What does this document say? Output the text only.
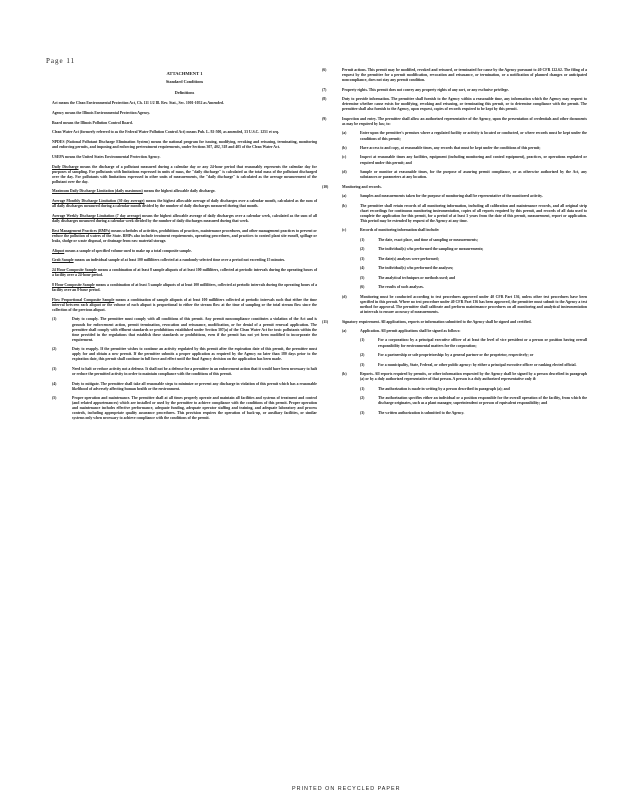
Page 11
ATTACHMENT 1
Standard Conditions
Definitions
Act means the Clean Environmental Protection Act, Ch. 111 1/2 Ill. Rev. Stat., Sec. 1001-1052 as Amended.
Agency means the Illinois Environmental Protection Agency.
Board means the Illinois Pollution Control Board.
Clean Water Act (formerly referred to as the Federal Water Pollution Control Act) means Pub. L. 92-500, as amended, 33 U.S.C. 1251 et seq.
NPDES (National Pollutant Discharge Elimination System) means the national program for issuing, modifying, revoking and reissuing, terminating, monitoring and enforcing permits, and imposing and enforcing pretreatment requirements, under Sections 307, 402, 318 and 405 of the Clean Water Act.
USEPA means the United States Environmental Protection Agency.
Daily Discharge means the discharge of a pollutant measured during a calendar day or any 24-hour period that reasonably represents the calendar day for purposes of sampling. For pollutants with limitations expressed in units of mass, the "daily discharge" is calculated as the total mass of the pollutant discharged over the day. For pollutants with limitations expressed in other units of measurements, the "daily discharge" is calculated as the average measurement of the pollutant over the day.
Maximum Daily Discharge Limitation (daily maximum) means the highest allowable daily discharge.
Average Monthly Discharge Limitation (30 day average) means the highest allowable average of daily discharges over a calendar month, calculated as the sum of all daily discharges measured during a calendar month divided by the number of daily discharges measured during that month.
Average Weekly Discharge Limitation (7 day average) means the highest allowable average of daily discharges over a calendar week, calculated as the sum of all daily discharges measured during a calendar week divided by the number of daily discharges measured during that week.
Best Management Practices (BMPs) means schedules of activities, prohibitions of practices, maintenance procedures, and other management practices to prevent or reduce the pollution of waters of the State. BMPs also include treatment requirements, operating procedures, and practices to control plant site runoff, spillage or leaks, sludge or waste disposal, or drainage from raw material storage.
Aliquot means a sample of specified volume used to make up a total composite sample.
Grab Sample means an individual sample of at least 100 milliliters collected at a randomly-selected time over a period not exceeding 15 minutes.
24 Hour Composite Sample means a combination of at least 8 sample aliquots of at least 100 milliliters, collected at periodic intervals during the operating hours of a facility over a 24-hour period.
8 Hour Composite Sample means a combination of at least 3 sample aliquots of at least 100 milliliters, collected at periodic intervals during the operating hours of a facility over an 8-hour period.
Flow Proportional Composite Sample means a combination of sample aliquots of at least 100 milliliters collected at periodic intervals such that either the time interval between each aliquot or the volume of each aliquot is proportional to either the stream flow at the time of sampling or the total stream flow since the collection of the previous aliquot.
(1)	Duty to comply. The permittee must comply with all conditions of this permit. Any permit noncompliance constitutes a violation of the Act and is grounds for enforcement action, permit termination, revocation and reissuance, modification, or for denial of a permit renewal application. The permittee shall comply with effluent standards or prohibitions established under Section 307(a) of the Clean Water Act for toxic pollutants within the time provided in the regulations that establish these standards or prohibitions, even if the permit has not yet been modified to incorporate the requirement.
(2)	Duty to reapply. If the permittee wishes to continue an activity regulated by this permit after the expiration date of this permit, the permittee must apply for and obtain a new permit. If the permittee submits a proper application as required by the Agency no later than 180 days prior to the expiration date, this permit shall continue in full force and effect until the final Agency decision on the application has been made.
(3)	Need to halt or reduce activity not a defense. It shall not be a defense for a permittee in an enforcement action that it would have been necessary to halt or reduce the permitted activity in order to maintain compliance with the conditions of this permit.
(4)	Duty to mitigate. The permittee shall take all reasonable steps to minimize or prevent any discharge in violation of this permit which has a reasonable likelihood of adversely affecting human health or the environment.
(5)	Proper operation and maintenance. The permittee shall at all times properly operate and maintain all facilities and systems of treatment and control (and related appurtenances) which are installed or used by the permittee to achieve compliance with the conditions of this permit. Proper operation and maintenance includes effective performance, adequate funding, adequate operator staffing and training, and adequate laboratory and process controls, including appropriate quality assurance procedures. This provision requires the operation of back-up, or auxiliary facilities, or similar systems only when necessary to achieve compliance with the conditions of the permit.
(6)	Permit actions. This permit may be modified, revoked and reissued, or terminated for cause by the Agency pursuant to 40 CFR 122.62. The filing of a request by the permittee for a permit modification, revocation and reissuance, or termination, or a notification of planned changes or anticipated noncompliance, does not stay any permit condition.
(7)	Property rights. This permit does not convey any property rights of any sort, or any exclusive privilege.
(8)	Duty to provide information. The permittee shall furnish to the Agency within a reasonable time, any information which the Agency may request to determine whether cause exists for modifying, revoking and reissuing, or terminating this permit, or to determine compliance with the permit. The permittee shall also furnish to the Agency, upon request, copies of records required to be kept by this permit.
(9)	Inspection and entry. The permittee shall allow an authorized representative of the Agency, upon the presentation of credentials and other documents as may be required by law, to:
(a)	Enter upon the permittee's premises where a regulated facility or activity is located or conducted, or where records must be kept under the conditions of this permit;
(b)	Have access to and copy, at reasonable times, any records that must be kept under the conditions of this permit;
(c)	Inspect at reasonable times any facilities, equipment (including monitoring and control equipment), practices, or operations regulated or required under this permit; and
(d)	Sample or monitor at reasonable times, for the purpose of assuring permit compliance, or as otherwise authorized by the Act, any substances or parameters at any location.
(10)	Monitoring and records.
(a)	Samples and measurements taken for the purpose of monitoring shall be representative of the monitored activity.
(b)	The permittee shall retain records of all monitoring information, including all calibration and maintenance records, and all original strip chart recordings for continuous monitoring instrumentation, copies of all reports required by this permit, and records of all data used to complete the application for this permit, for a period of at least 3 years from the date of this permit, measurement, report or application. This period may be extended by request of the Agency at any time.
(c)	Records of monitoring information shall include:
(1)	The date, exact place, and time of sampling or measurements;
(2)	The individual(s) who performed the sampling or measurements;
(3)	The date(s) analyses were performed;
(4)	The individual(s) who performed the analyses;
(5)	The analytical techniques or methods used; and
(6)	The results of such analyses.
(d)	Monitoring must be conducted according to test procedures approved under 40 CFR Part 136, unless other test procedures have been specified in this permit. Where no test procedure under 40 CFR Part 136 has been approved, the permittee must submit to the Agency a test method for approval. The permittee shall calibrate and perform maintenance procedures on all monitoring and analytical instrumentation at intervals to ensure accuracy of measurements.
(11)	Signatory requirement. All applications, reports or information submitted to the Agency shall be signed and certified.
(a)	Application. All permit applications shall be signed as follows:
(1)	For a corporation: by a principal executive officer of at least the level of vice president or a person or position having overall responsibility for environmental matters for the corporation;
(2)	For a partnership or sole proprietorship: by a general partner or the proprietor, respectively; or
(3)	For a municipality, State, Federal, or other public agency: by either a principal executive officer or ranking elected official.
(b)	Reports. All reports required by permits, or other information requested by the Agency shall be signed by a person described in paragraph (a) or by a duly authorized representative of that person. A person is a duly authorized representative only if:
(1)	The authorization is made in writing by a person described in paragraph (a); and
(2)	The authorization specifies either an individual or a position responsible for the overall operation of the facility, from which the discharge originates, such as a plant manager, superintendent or person of equivalent responsibility; and
(3)	The written authorization is submitted to the Agency.
PRINTED ON RECYCLED PAPER
